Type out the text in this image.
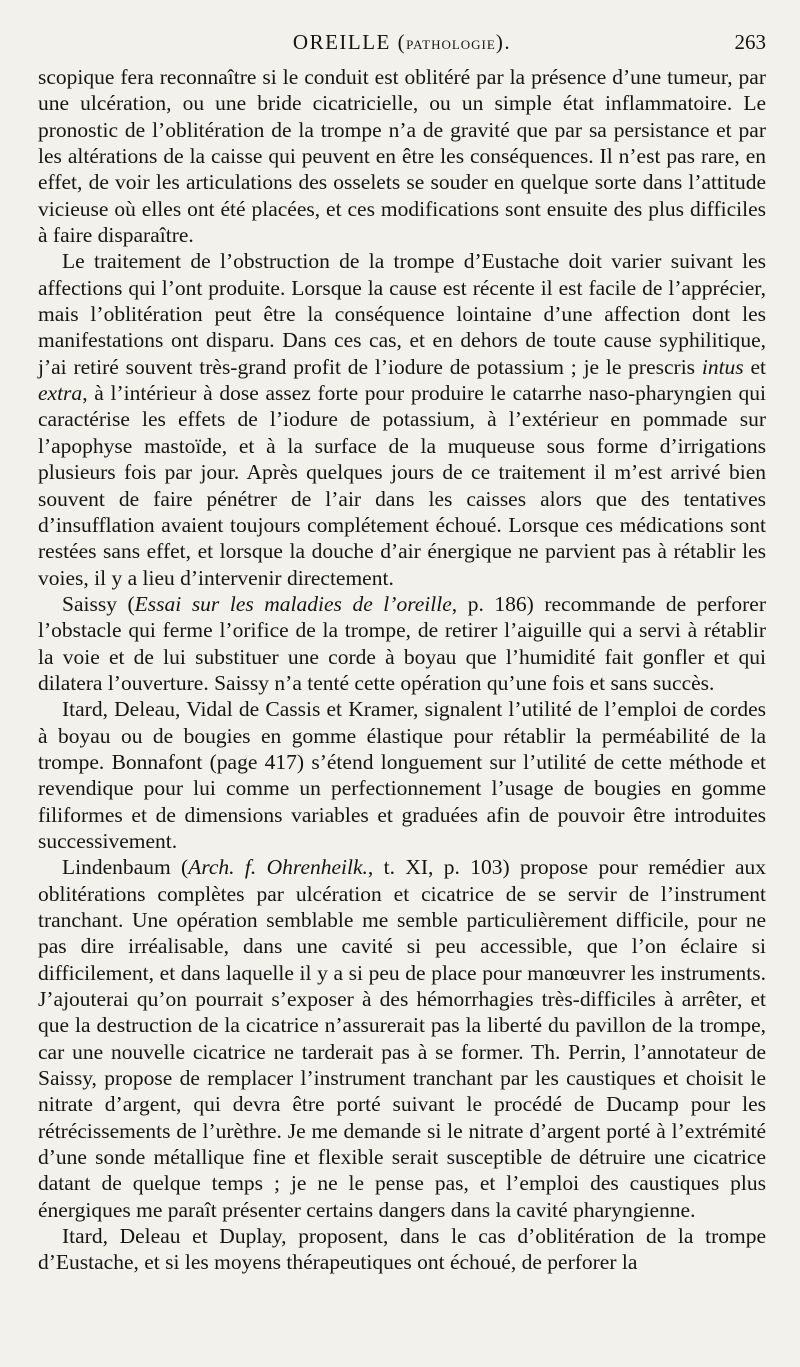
OREILLE (PATHOLOGIE).	263

scopique fera reconnaître si le conduit est oblitéré par la présence d’une tumeur, par une ulcération, ou une bride cicatricielle, ou un simple état inflammatoire. Le pronostic de l’oblitération de la trompe n’a de gravité que par sa persistance et par les altérations de la caisse qui peuvent en être les conséquences. Il n’est pas rare, en effet, de voir les articulations des osselets se souder en quelque sorte dans l’attitude vicieuse où elles ont été placées, et ces modifications sont ensuite des plus difficiles à faire disparaître.

Le traitement de l’obstruction de la trompe d’Eustache doit varier suivant les affections qui l’ont produite. Lorsque la cause est récente il est facile de l’apprécier, mais l’oblitération peut être la conséquence lointaine d’une affection dont les manifestations ont disparu. Dans ces cas, et en dehors de toute cause syphilitique, j’ai retiré souvent très-grand profit de l’iodure de potassium ; je le prescris intus et extra, à l’intérieur à dose assez forte pour produire le catarrhe naso-pharyngien qui caractérise les effets de l’iodure de potassium, à l’extérieur en pommade sur l’apophyse mastoïde, et à la surface de la muqueuse sous forme d’irrigations plusieurs fois par jour. Après quelques jours de ce traitement il m’est arrivé bien souvent de faire pénétrer de l’air dans les caisses alors que des tentatives d’insufflation avaient toujours complétement échoué. Lorsque ces médications sont restées sans effet, et lorsque la douche d’air énergique ne parvient pas à rétablir les voies, il y a lieu d’intervenir directement.

Saissy (Essai sur les maladies de l’oreille, p. 186) recommande de perforer l’obstacle qui ferme l’orifice de la trompe, de retirer l’aiguille qui a servi à rétablir la voie et de lui substituer une corde à boyau que l’humidité fait gonfler et qui dilatera l’ouverture. Saissy n’a tenté cette opération qu’une fois et sans succès.

Itard, Deleau, Vidal de Cassis et Kramer, signalent l’utilité de l’emploi de cordes à boyau ou de bougies en gomme élastique pour rétablir la perméabilité de la trompe. Bonnafont (page 417) s’étend longuement sur l’utilité de cette méthode et revendique pour lui comme un perfectionnement l’usage de bougies en gomme filiformes et de dimensions variables et graduées afin de pouvoir être introduites successivement.

Lindenbaum (Arch. f. Ohrenheilk., t. XI, p. 103) propose pour remédier aux oblitérations complètes par ulcération et cicatrice de se servir de l’instrument tranchant. Une opération semblable me semble particulièrement difficile, pour ne pas dire irréalisable, dans une cavité si peu accessible, que l’on éclaire si difficilement, et dans laquelle il y a si peu de place pour manœuvrer les instruments. J’ajouterai qu’on pourrait s’exposer à des hémorrhagies très-difficiles à arrêter, et que la destruction de la cicatrice n’assurerait pas la liberté du pavillon de la trompe, car une nouvelle cicatrice ne tarderait pas à se former. Th. Perrin, l’annotateur de Saissy, propose de remplacer l’instrument tranchant par les caustiques et choisit le nitrate d’argent, qui devra être porté suivant le procédé de Ducamp pour les rétrécissements de l’urèthre. Je me demande si le nitrate d’argent porté à l’extrémité d’une sonde métallique fine et flexible serait susceptible de détruire une cicatrice datant de quelque temps ; je ne le pense pas, et l’emploi des caustiques plus énergiques me paraît présenter certains dangers dans la cavité pharyngienne.

Itard, Deleau et Duplay, proposent, dans le cas d’oblitération de la trompe d’Eustache, et si les moyens thérapeutiques ont échoué, de perforer la
